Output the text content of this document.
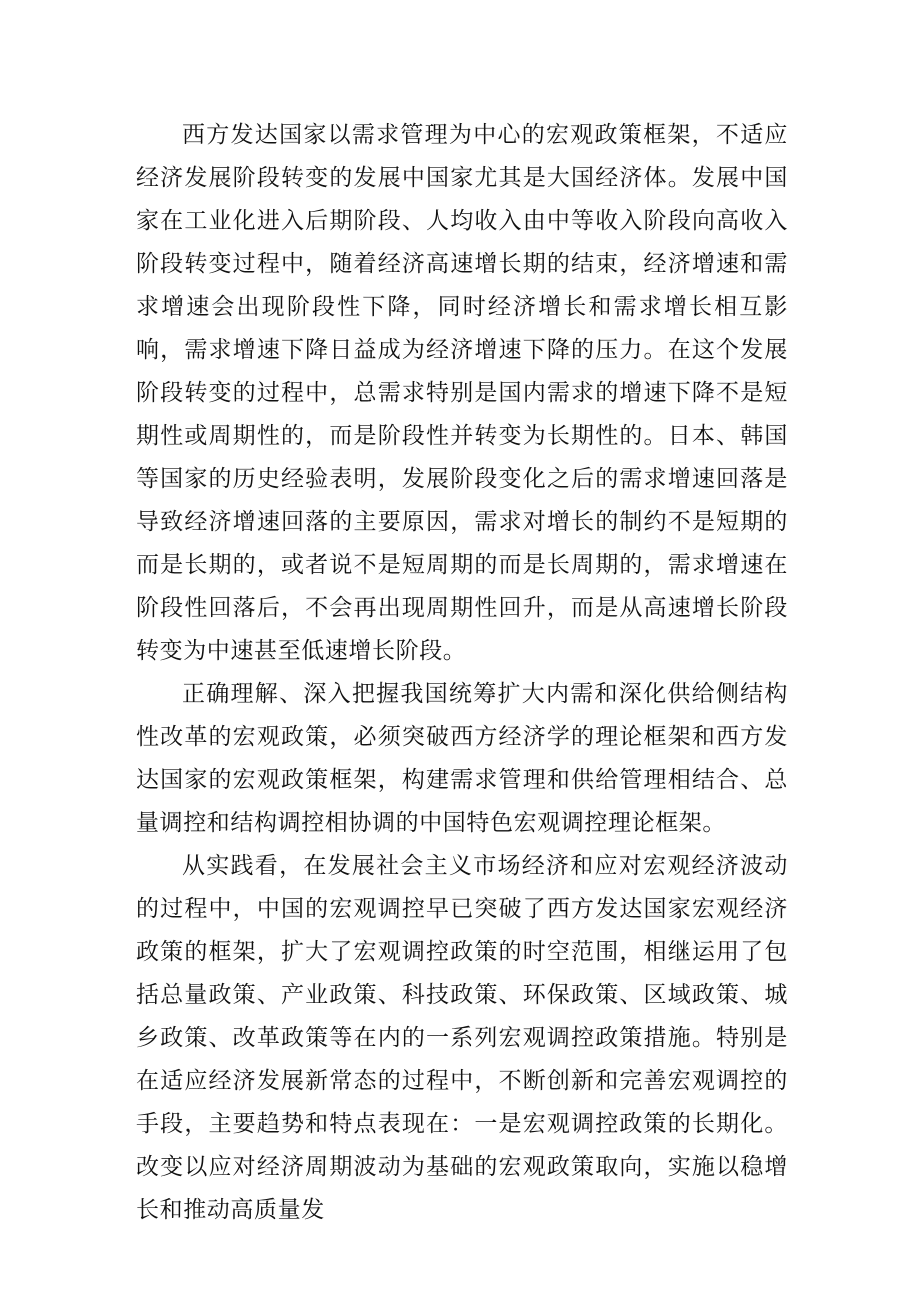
西方发达国家以需求管理为中心的宏观政策框架，不适应经济发展阶段转变的发展中国家尤其是大国经济体。发展中国家在工业化进入后期阶段、人均收入由中等收入阶段向高收入阶段转变过程中，随着经济高速增长期的结束，经济增速和需求增速会出现阶段性下降，同时经济增长和需求增长相互影响，需求增速下降日益成为经济增速下降的压力。在这个发展阶段转变的过程中，总需求特别是国内需求的增速下降不是短期性或周期性的，而是阶段性并转变为长期性的。日本、韩国等国家的历史经验表明，发展阶段变化之后的需求增速回落是导致经济增速回落的主要原因，需求对增长的制约不是短期的而是长期的，或者说不是短周期的而是长周期的，需求增速在阶段性回落后，不会再出现周期性回升，而是从高速增长阶段转变为中速甚至低速增长阶段。

正确理解、深入把握我国统筹扩大内需和深化供给侧结构性改革的宏观政策，必须突破西方经济学的理论框架和西方发达国家的宏观政策框架，构建需求管理和供给管理相结合、总量调控和结构调控相协调的中国特色宏观调控理论框架。

从实践看，在发展社会主义市场经济和应对宏观经济波动的过程中，中国的宏观调控早已突破了西方发达国家宏观经济政策的框架，扩大了宏观调控政策的时空范围，相继运用了包括总量政策、产业政策、科技政策、环保政策、区域政策、城乡政策、改革政策等在内的一系列宏观调控政策措施。特别是在适应经济发展新常态的过程中，不断创新和完善宏观调控的手段，主要趋势和特点表现在：一是宏观调控政策的长期化。改变以应对经济周期波动为基础的宏观政策取向，实施以稳增长和推动高质量发
